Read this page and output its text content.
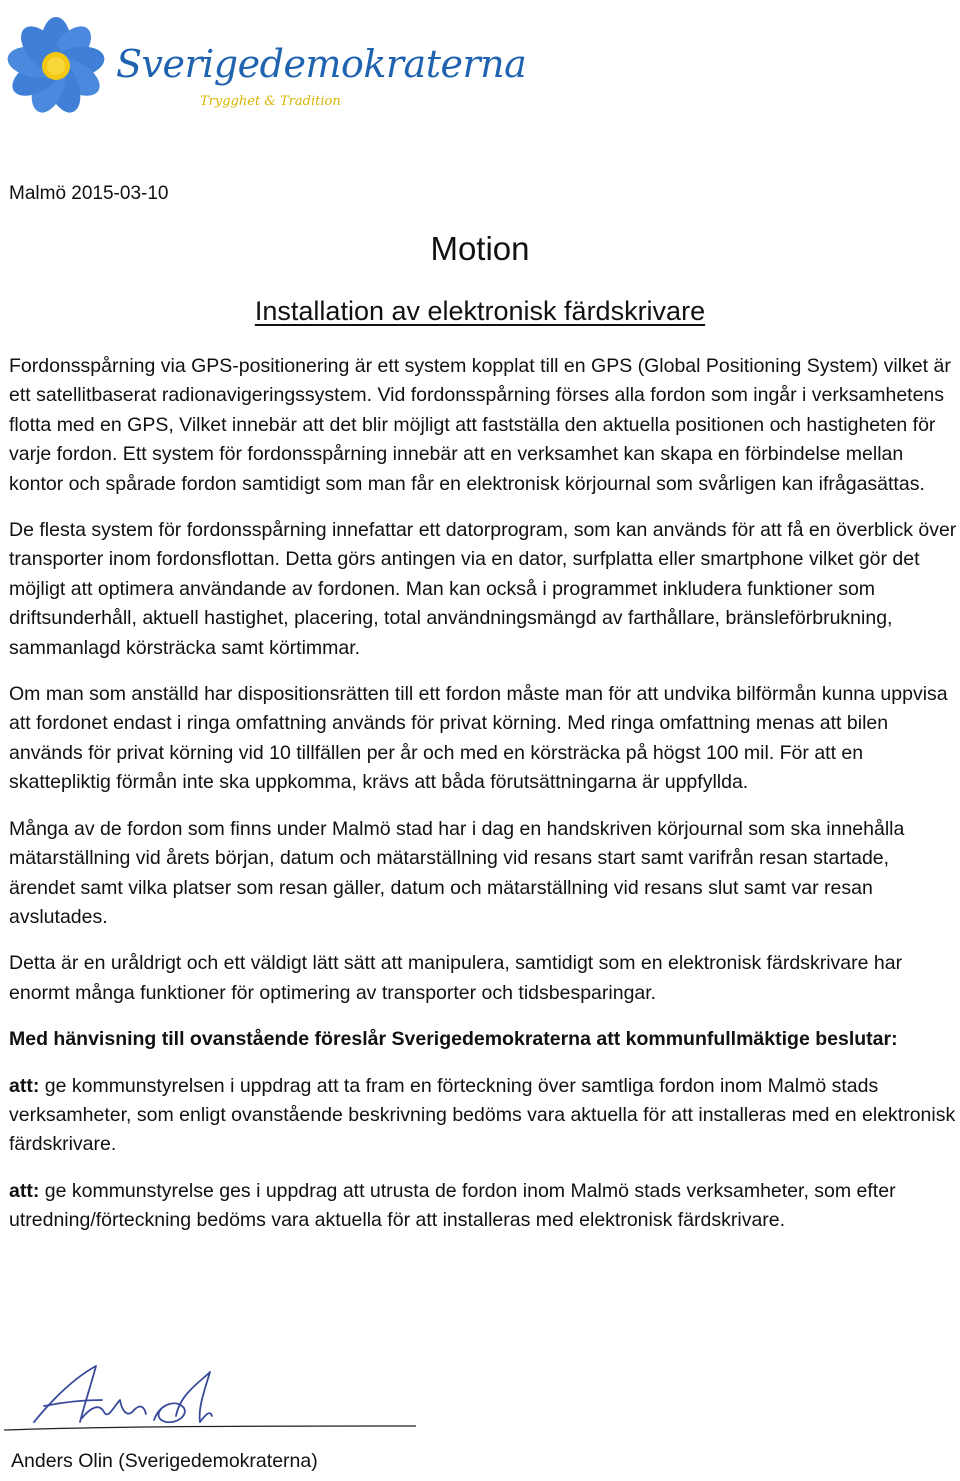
Sverigedemokraterna
Trygghet & Tradition
Malmö 2015-03-10
Motion
Installation av elektronisk färdskrivare

Fordonsspårning via GPS-positionering är ett system kopplat till en GPS (Global Positioning System) vilket är ett satellitbaserat radionavigeringssystem. Vid fordonsspårning förses alla fordon som ingår i verksamhetens flotta med en GPS, Vilket innebär att det blir möjligt att fastställa den aktuella positionen och hastigheten för varje fordon. Ett system för fordonsspårning innebär att en verksamhet kan skapa en förbindelse mellan kontor och spårade fordon samtidigt som man får en elektronisk körjournal som svårligen kan ifrågasättas.

De flesta system för fordonsspårning innefattar ett datorprogram, som kan används för att få en överblick över transporter inom fordonsflottan. Detta görs antingen via en dator, surfplatta eller smartphone vilket gör det möjligt att optimera användande av fordonen. Man kan också i programmet inkludera funktioner som driftsunderhåll, aktuell hastighet, placering, total användningsmängd av farthållare, bränsleförbrukning, sammanlagd körsträcka samt körtimmar.

Om man som anställd har dispositionsrätten till ett fordon måste man för att undvika bilförmån kunna uppvisa att fordonet endast i ringa omfattning används för privat körning. Med ringa omfattning menas att bilen används för privat körning vid 10 tillfällen per år och med en körsträcka på högst 100 mil. För att en skattepliktig förmån inte ska uppkomma, krävs att båda förutsättningarna är uppfyllda.

Många av de fordon som finns under Malmö stad har i dag en handskriven körjournal som ska innehålla mätarställning vid årets början, datum och mätarställning vid resans start samt varifrån resan startade, ärendet samt vilka platser som resan gäller, datum och mätarställning vid resans slut samt var resan avslutades.

Detta är en uråldrigt och ett väldigt lätt sätt att manipulera, samtidigt som en elektronisk färdskrivare har enormt många funktioner för optimering av transporter och tidsbesparingar.

Med hänvisning till ovanstående föreslår Sverigedemokraterna att kommunfullmäktige beslutar:

att: ge kommunstyrelsen i uppdrag att ta fram en förteckning över samtliga fordon inom Malmö stads verksamheter, som enligt ovanstående beskrivning bedöms vara aktuella för att installeras med en elektronisk färdskrivare.

att: ge kommunstyrelse ges i uppdrag att utrusta de fordon inom Malmö stads verksamheter, som efter utredning/förteckning bedöms vara aktuella för att installeras med elektronisk färdskrivare.

Anders Olin (Sverigedemokraterna)
